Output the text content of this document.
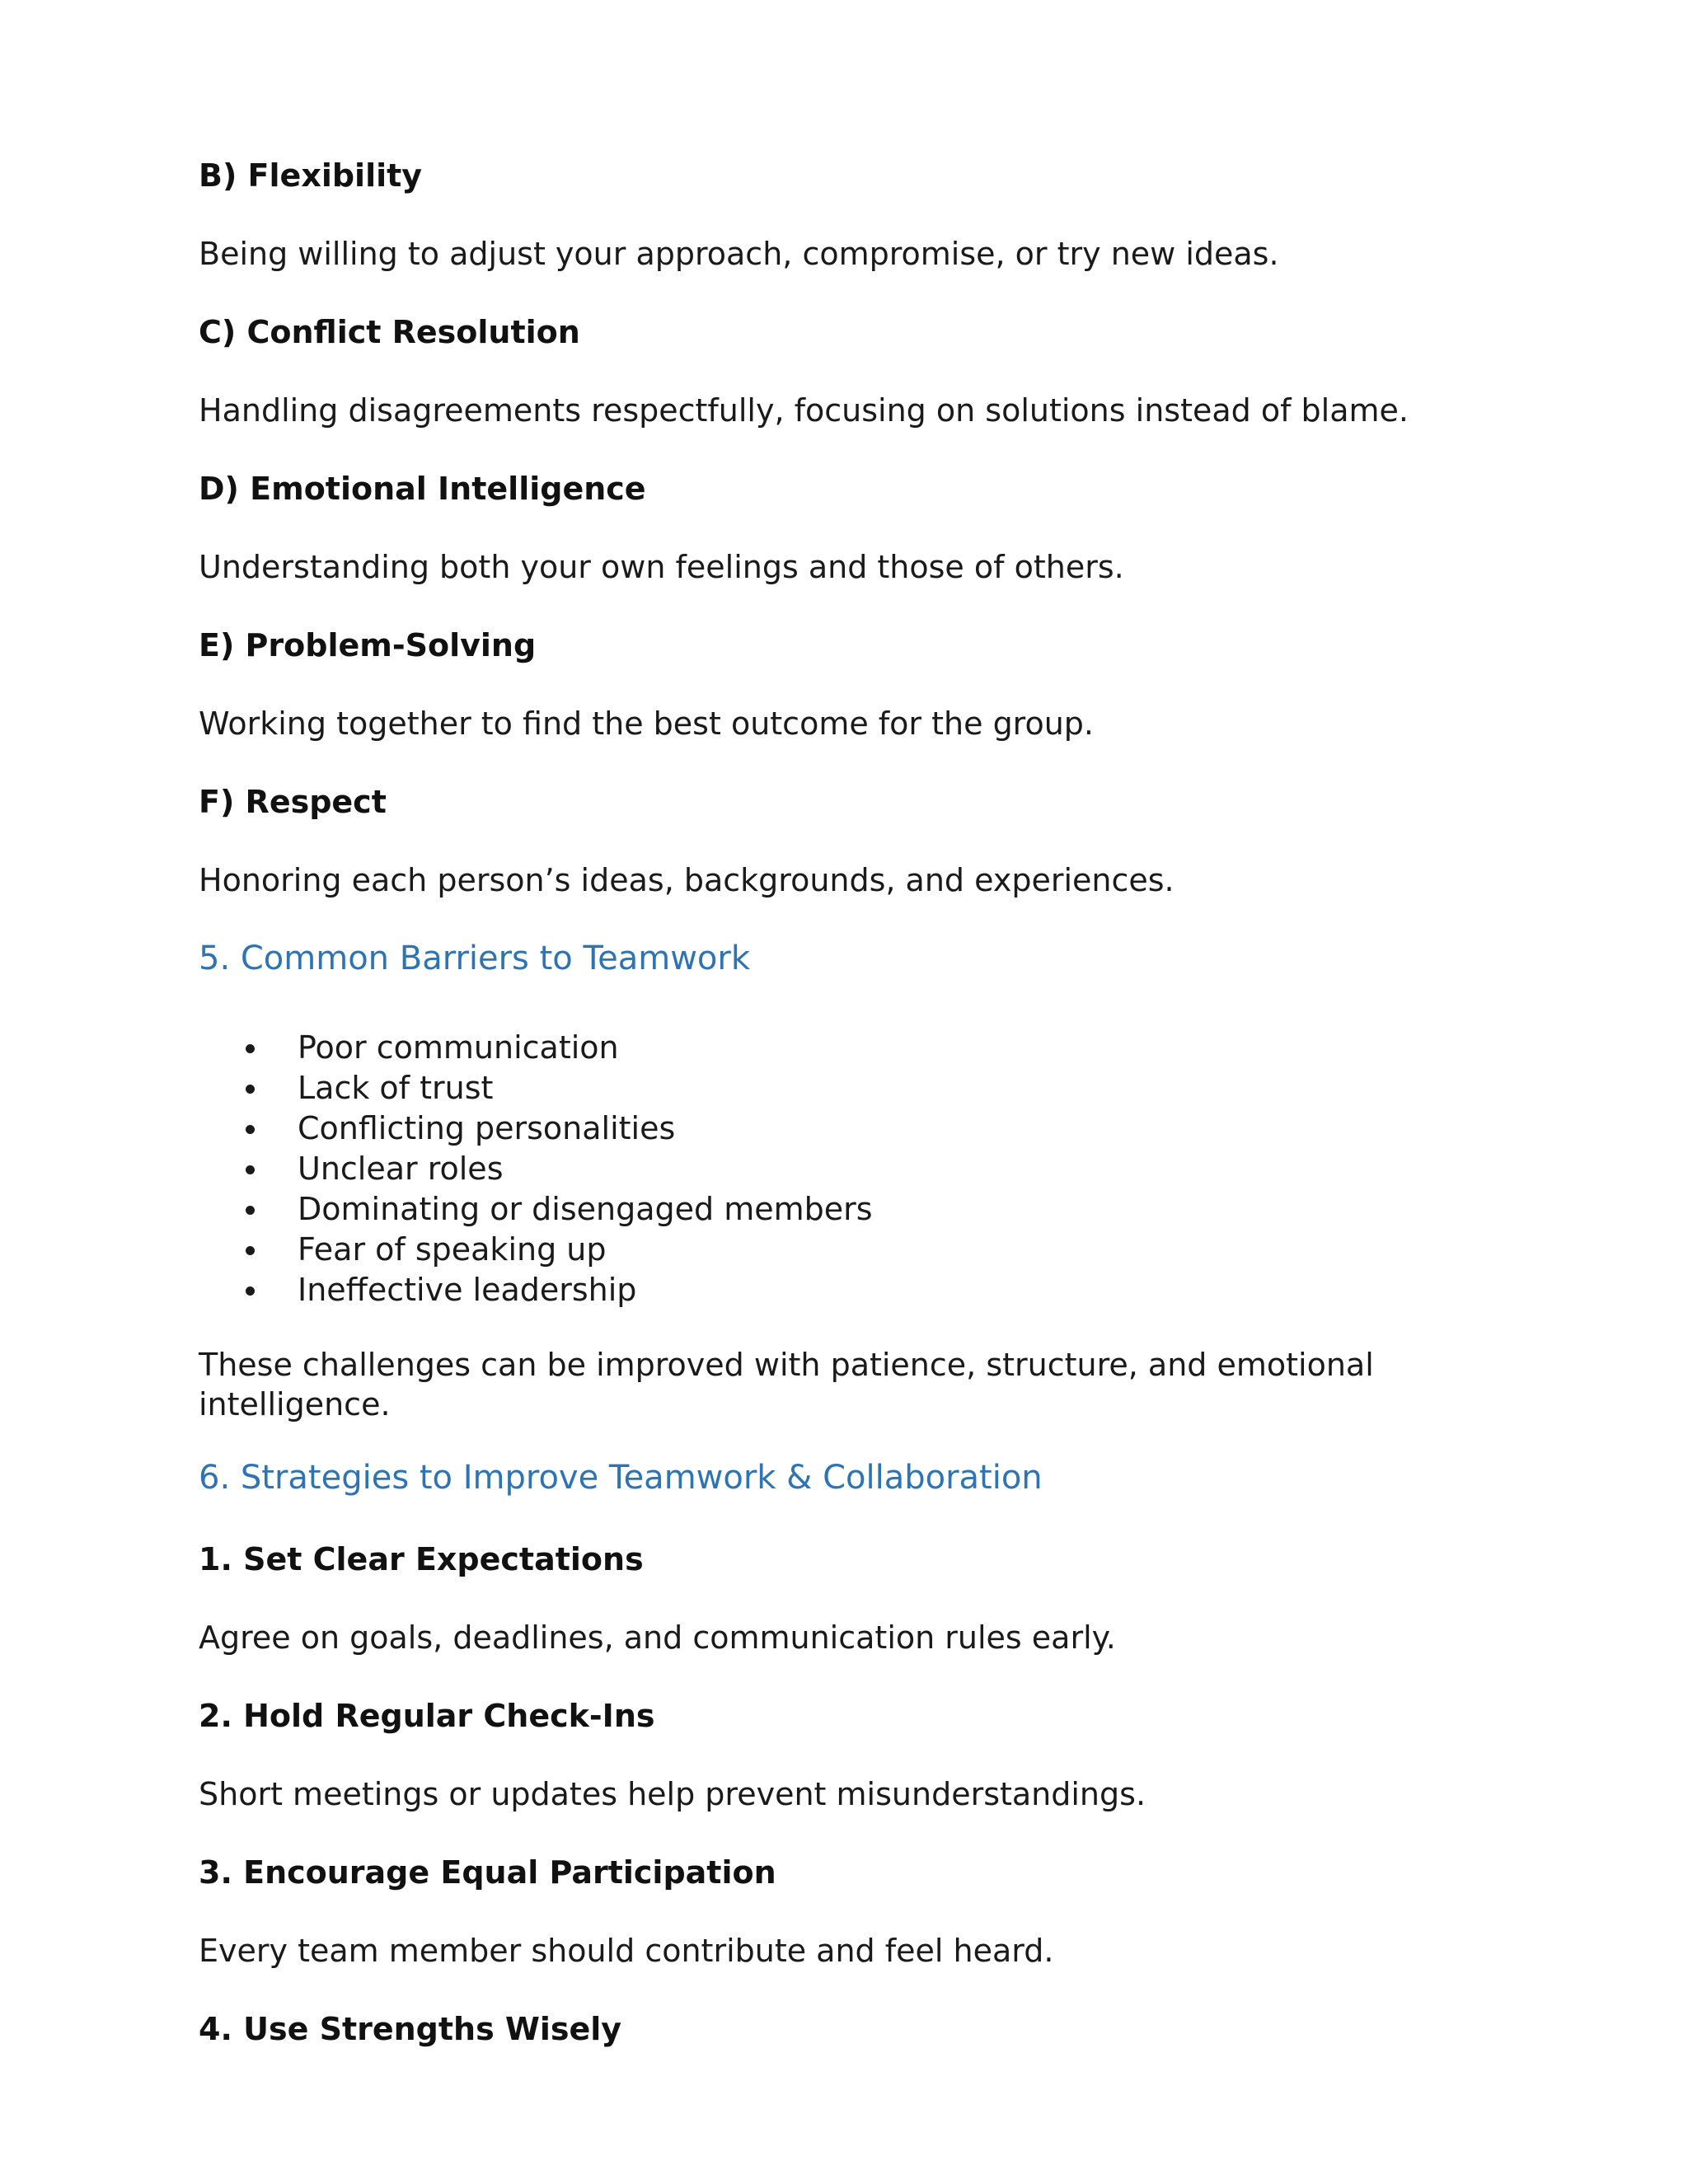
B) Flexibility

Being willing to adjust your approach, compromise, or try new ideas.

C) Conflict Resolution

Handling disagreements respectfully, focusing on solutions instead of blame.

D) Emotional Intelligence

Understanding both your own feelings and those of others.

E) Problem-Solving

Working together to find the best outcome for the group.

F) Respect

Honoring each person’s ideas, backgrounds, and experiences.

5. Common Barriers to Teamwork
Poor communication
Lack of trust
Conflicting personalities
Unclear roles
Dominating or disengaged members
Fear of speaking up
Ineffective leadership

These challenges can be improved with patience, structure, and emotional intelligence.

6. Strategies to Improve Teamwork & Collaboration

1. Set Clear Expectations

Agree on goals, deadlines, and communication rules early.

2. Hold Regular Check-Ins

Short meetings or updates help prevent misunderstandings.

3. Encourage Equal Participation

Every team member should contribute and feel heard.

4. Use Strengths Wisely
